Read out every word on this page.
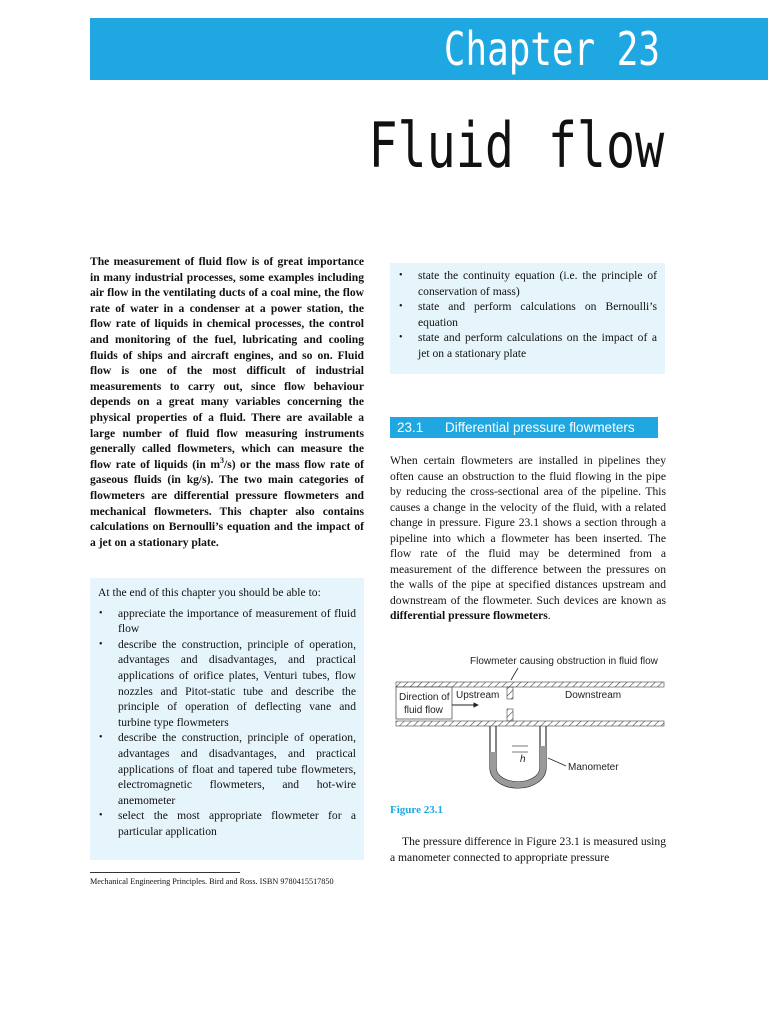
Chapter 23
Fluid flow

The measurement of fluid flow is of great importance in many industrial processes, some examples including air flow in the ventilating ducts of a coal mine, the flow rate of water in a condenser at a power station, the flow rate of liquids in chemical processes, the control and monitoring of the fuel, lubricating and cooling fluids of ships and aircraft engines, and so on. Fluid flow is one of the most difficult of industrial measurements to carry out, since flow behaviour depends on a great many variables concerning the physical properties of a fluid. There are available a large number of fluid flow measuring instruments generally called flowmeters, which can measure the flow rate of liquids (in $m^3/s$) or the mass flow rate of gaseous fluids (in kg/s). The two main categories of flowmeters are differential pressure flowmeters and mechanical flowmeters. This chapter also contains calculations on Bernoulli’s equation and the impact of a jet on a stationary plate.

At the end of this chapter you should be able to:

• appreciate the importance of measurement of fluid flow
• describe the construction, principle of operation, advantages and disadvantages, and practical applications of orifice plates, Venturi tubes, flow nozzles and Pitot-static tube and describe the principle of operation of deflecting vane and turbine type flowmeters
• describe the construction, principle of operation, advantages and disadvantages, and practical applications of float and tapered tube flowmeters, electromagnetic flowmeters, and hot-wire anemometer
• select the most appropriate flowmeter for a particular application
Mechanical Engineering Principles. Bird and Ross. ISBN 9780415517850
• state the continuity equation (i.e. the principle of conservation of mass)
• state and perform calculations on Bernoulli’s equation
• state and perform calculations on the impact of a jet on a stationary plate
23.1 Differential pressure flowmeters

When certain flowmeters are installed in pipelines they often cause an obstruction to the fluid flowing in the pipe by reducing the cross-sectional area of the pipeline. This causes a change in the velocity of the fluid, with a related change in pressure. Figure 23.1 shows a section through a pipeline into which a flowmeter has been inserted. The flow rate of the fluid may be determined from a measurement of the difference between the pressures on the walls of the pipe at specified distances upstream and downstream of the flowmeter. Such devices are known as differential pressure flowmeters.

Flowmeter causing obstruction in fluid flow
Direction of
fluid flow
Upstream	Downstream
h
Manometer
Figure 23.1

The pressure difference in Figure 23.1 is measured using a manometer connected to appropriate pressure
